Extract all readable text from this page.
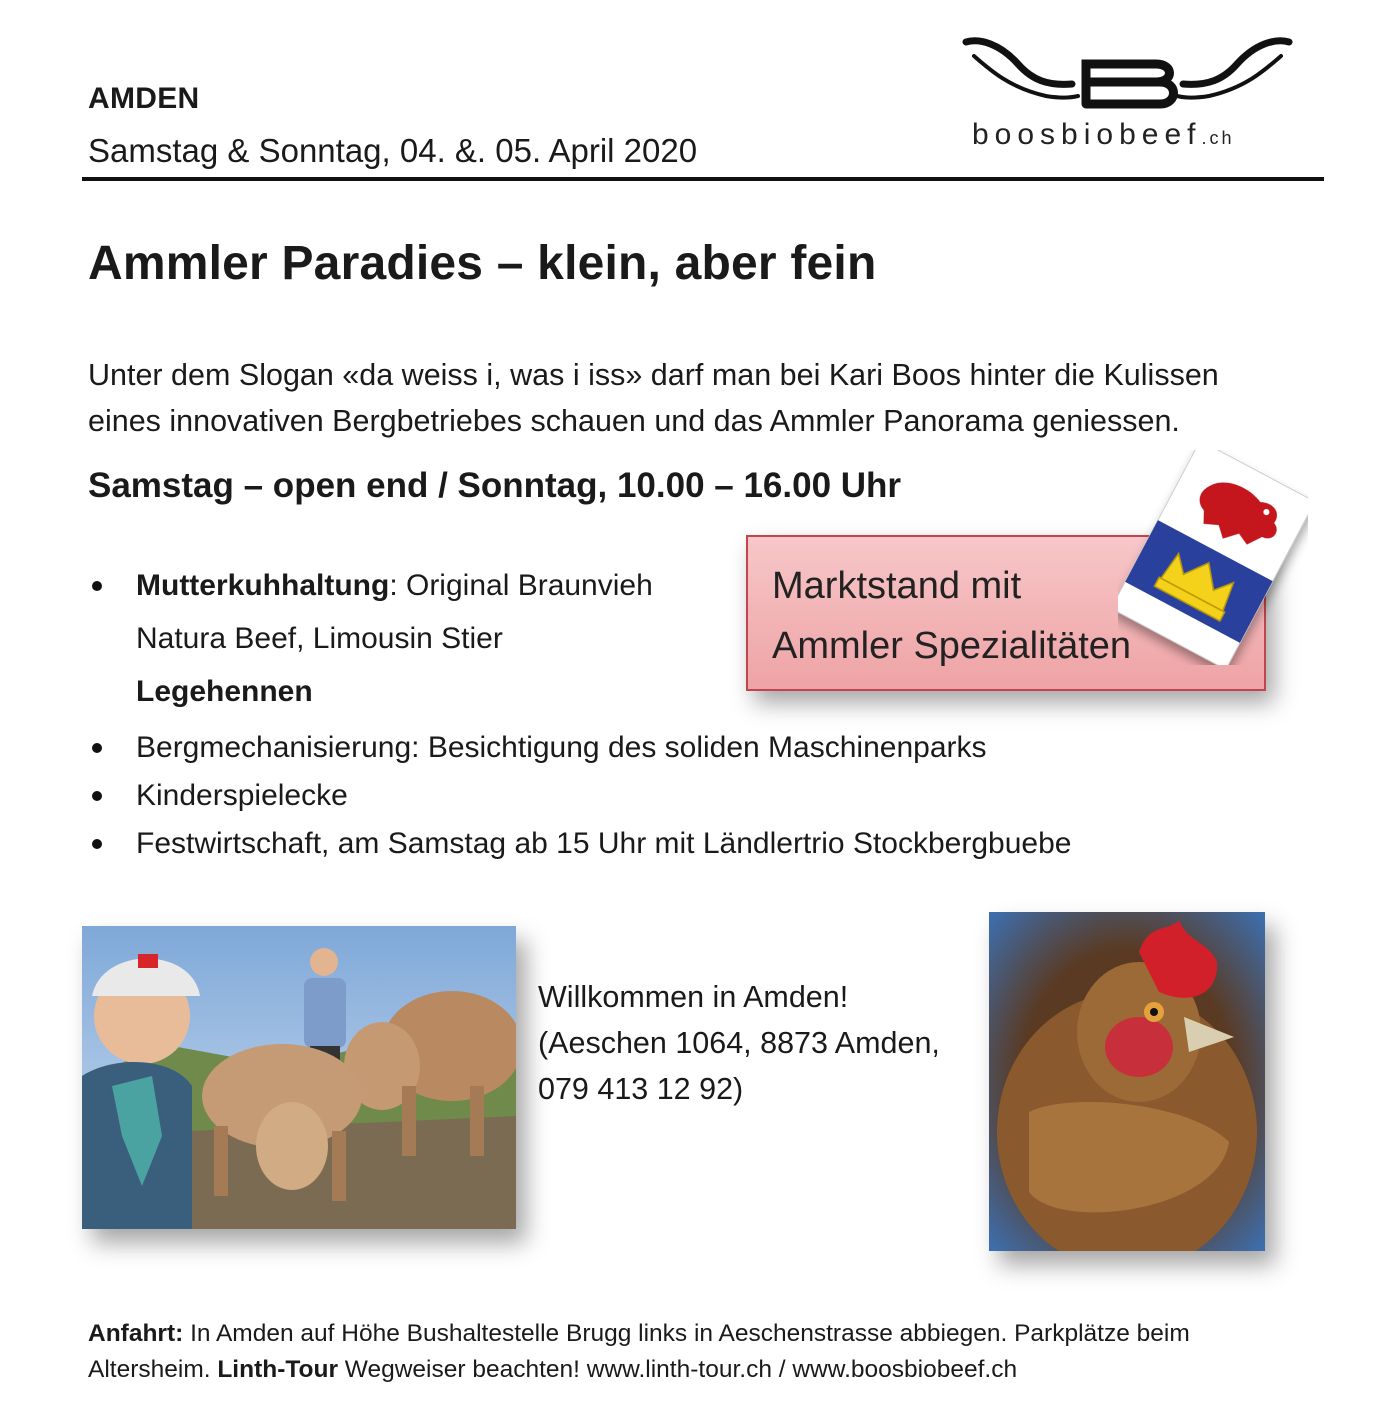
AMDEN
Samstag & Sonntag, 04. &. 05. April 2020	boosbiobeef.ch
Ammler Paradies – klein, aber fein
Unter dem Slogan «da weiss i, was i iss» darf man bei Kari Boos hinter die Kulissen
eines innovativen Bergbetriebes schauen und das Ammler Panorama geniessen.
Samstag – open end / Sonntag, 10.00 – 16.00 Uhr
Mutterkuhhaltung: Original Braunvieh
Natura Beef, Limousin Stier
Legehennen
Bergmechanisierung: Besichtigung des soliden Maschinenparks
Kinderspielecke
Festwirtschaft, am Samstag ab 15 Uhr mit Ländlertrio Stockbergbuebe
Marktstand mit
Ammler Spezialitäten
Willkommen in Amden!
(Aeschen 1064, 8873 Amden,
079 413 12 92)
Anfahrt: In Amden auf Höhe Bushaltestelle Brugg links in Aeschenstrasse abbiegen. Parkplätze beim
Altersheim. Linth-Tour Wegweiser beachten! www.linth-tour.ch / www.boosbiobeef.ch
